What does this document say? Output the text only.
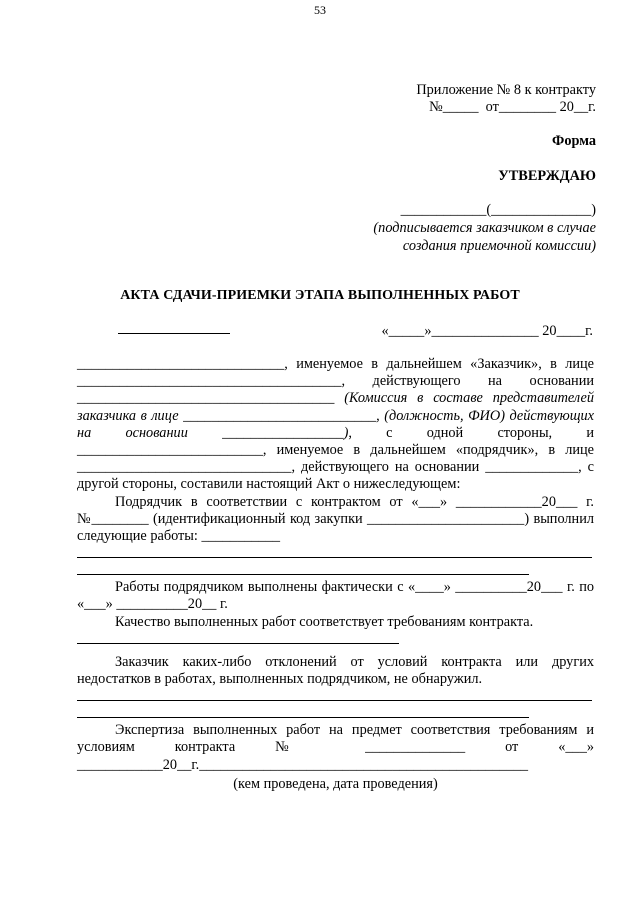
53
Приложение № 8 к контракту
№_____  от________ 20__г.
Форма
УТВЕРЖДАЮ
____________(______________)
(подписывается заказчиком в случае
создания приемочной комиссии)
АКТА СДАЧИ-ПРИЕМКИ ЭТАПА ВЫПОЛНЕННЫХ РАБОТ
«_____»_______________ 20____г.

_____________________________, именуемое в дальнейшем «Заказчик», в лице _____________________________________, действующего на основании ____________________________________ (Комиссия в составе представителей заказчика в лице ___________________________, (должность, ФИО) действующих на основании _________________), с одной стороны, и __________________________, именуемое в дальнейшем «подрядчик», в лице ______________________________, действующего на основании _____________, с другой стороны, составили настоящий Акт о нижеследующем:

Подрядчик в соответствии с контрактом от «___» ____________20___ г. №________ (идентификационный код закупки ______________________) выполнил следующие работы: ___________

Работы подрядчиком выполнены фактически с «____» __________20___ г. по «___» __________20__ г.

Качество выполненных работ соответствует требованиям контракта.

Заказчик каких-либо отклонений от условий контракта или других недостатков в работах, выполненных подрядчиком, не обнаружил.

Экспертиза выполненных работ на предмет соответствия требованиям и условиям контракта № ______________ от «___» ____________20__г.______________________________________________

(кем проведена, дата проведения)
